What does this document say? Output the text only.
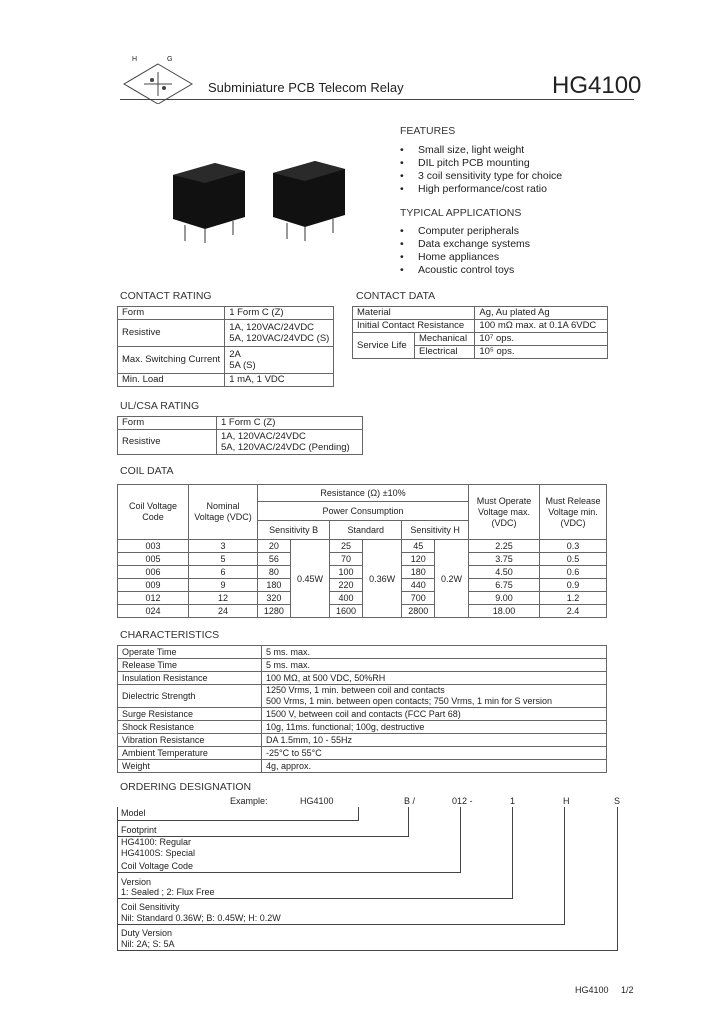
HG
Subminiature PCB Telecom Relay	HG4100
FEATURES
• Small size, light weight
• DIL pitch PCB mounting
• 3 coil sensitivity type for choice
• High performance/cost ratio
TYPICAL APPLICATIONS
• Computer peripherals
• Data exchange systems
• Home appliances
• Acoustic control toys
CONTACT RATING
Form	1 Form C (Z)
Resistive	1A, 120VAC/24VDC
5A, 120VAC/24VDC (S)

Max. Switching Current	2A
5A (S)

Min. Load	1 mA, 1 VDC
CONTACT DATA
Material		Ag, Au plated Ag
Initial Contact Resistance		100 mΩ max. at 0.1A 6VDC
Service Life	Mechanical	10⁷ ops.
	Electrical	10⁵ ops.
UL/CSA RATING
Form	1 Form C (Z)
Resistive	1A, 120VAC/24VDC
5A, 120VAC/24VDC (Pending)
COIL DATA
Coil Voltage Code	Nominal Voltage (VDC)	Resistance (Ω) ±10%						Must Operate Voltage max. (VDC)	Must Release Voltage min. (VDC)
		Power Consumption							
		Sensitivity B		Standard		Sensitivity H			
003	3	20	0.45W	25	0.36W	45	0.2W	2.25	0.3
005	5	56		70		120		3.75	0.5
006	6	80		100		180		4.50	0.6
009	9	180		220		440		6.75	0.9
012	12	320		400		700		9.00	1.2
024	24	1280		1600		2800		18.00	2.4
CHARACTERISTICS
Operate Time	5 ms. max.
Release Time	5 ms. max.
Insulation Resistance	100 MΩ, at 500 VDC, 50%RH
Dielectric Strength	1250 Vrms, 1 min. between coil and contacts
500 Vrms, 1 min. between open contacts; 750 Vrms, 1 min for S version

Surge Resistance	1500 V, between coil and contacts (FCC Part 68)
Shock Resistance	10g, 11ms. functional; 100g, destructive
Vibration Resistance	DA 1.5mm, 10 - 55Hz
Ambient Temperature	-25°C to 55°C
Weight	4g, approx.
ORDERING DESIGNATION
Example:	HG4100	B /	012 -	1	H	S
Model
Footprint
HG4100: Regular
HG4100S: Special
Coil Voltage Code
Version
1: Sealed ; 2: Flux Free
Coil Sensitivity
Nil: Standard 0.36W; B: 0.45W; H: 0.2W
Duty Version
Nil: 2A; S: 5A
HG4100 1/2
